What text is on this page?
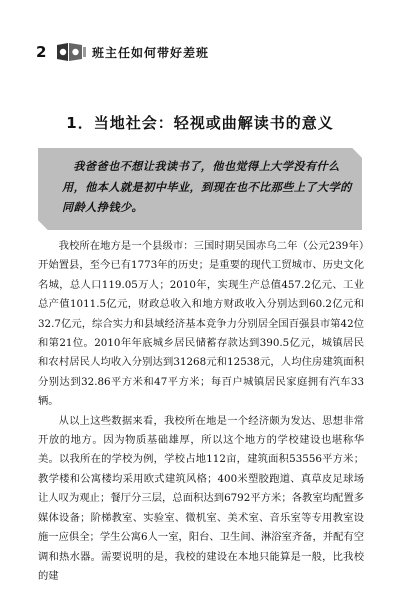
2	班主任如何带好差班
1．当地社会：轻视或曲解读书的意义
我爸爸也不想让我读书了，他也觉得上大学没有什么用，他本人就是初中毕业，到现在也不比那些上了大学的同龄人挣钱少。

我校所在地方是一个县级市：三国时期吴国赤乌二年（公元239年）开始置县，至今已有1773年的历史；是重要的现代工贸城市、历史文化名城，总人口119.05万人；2010年，实现生产总值457.2亿元、工业总产值1011.5亿元，财政总收入和地方财政收入分别达到60.2亿元和32.7亿元，综合实力和县域经济基本竞争力分别居全国百强县市第42位和第21位。2010年年底城乡居民储蓄存款达到390.5亿元，城镇居民和农村居民人均收入分别达到31268元和12538元，人均住房建筑面积分别达到32.86平方米和47平方米；每百户城镇居民家庭拥有汽车33辆。

从以上这些数据来看，我校所在地是一个经济颇为发达、思想非常开放的地方。因为物质基础雄厚，所以这个地方的学校建设也堪称华美。以我所在的学校为例，学校占地112亩，建筑面积53556平方米；教学楼和公寓楼均采用欧式建筑风格；400米塑胶跑道、真草皮足球场让人叹为观止；餐厅分三层，总面积达到6792平方米；各教室均配置多媒体设备；阶梯教室、实验室、微机室、美术室、音乐室等专用教室设施一应俱全；学生公寓6人一室，阳台、卫生间、淋浴室齐备，并配有空调和热水器。需要说明的是，我校的建设在本地只能算是一般，比我校的建
